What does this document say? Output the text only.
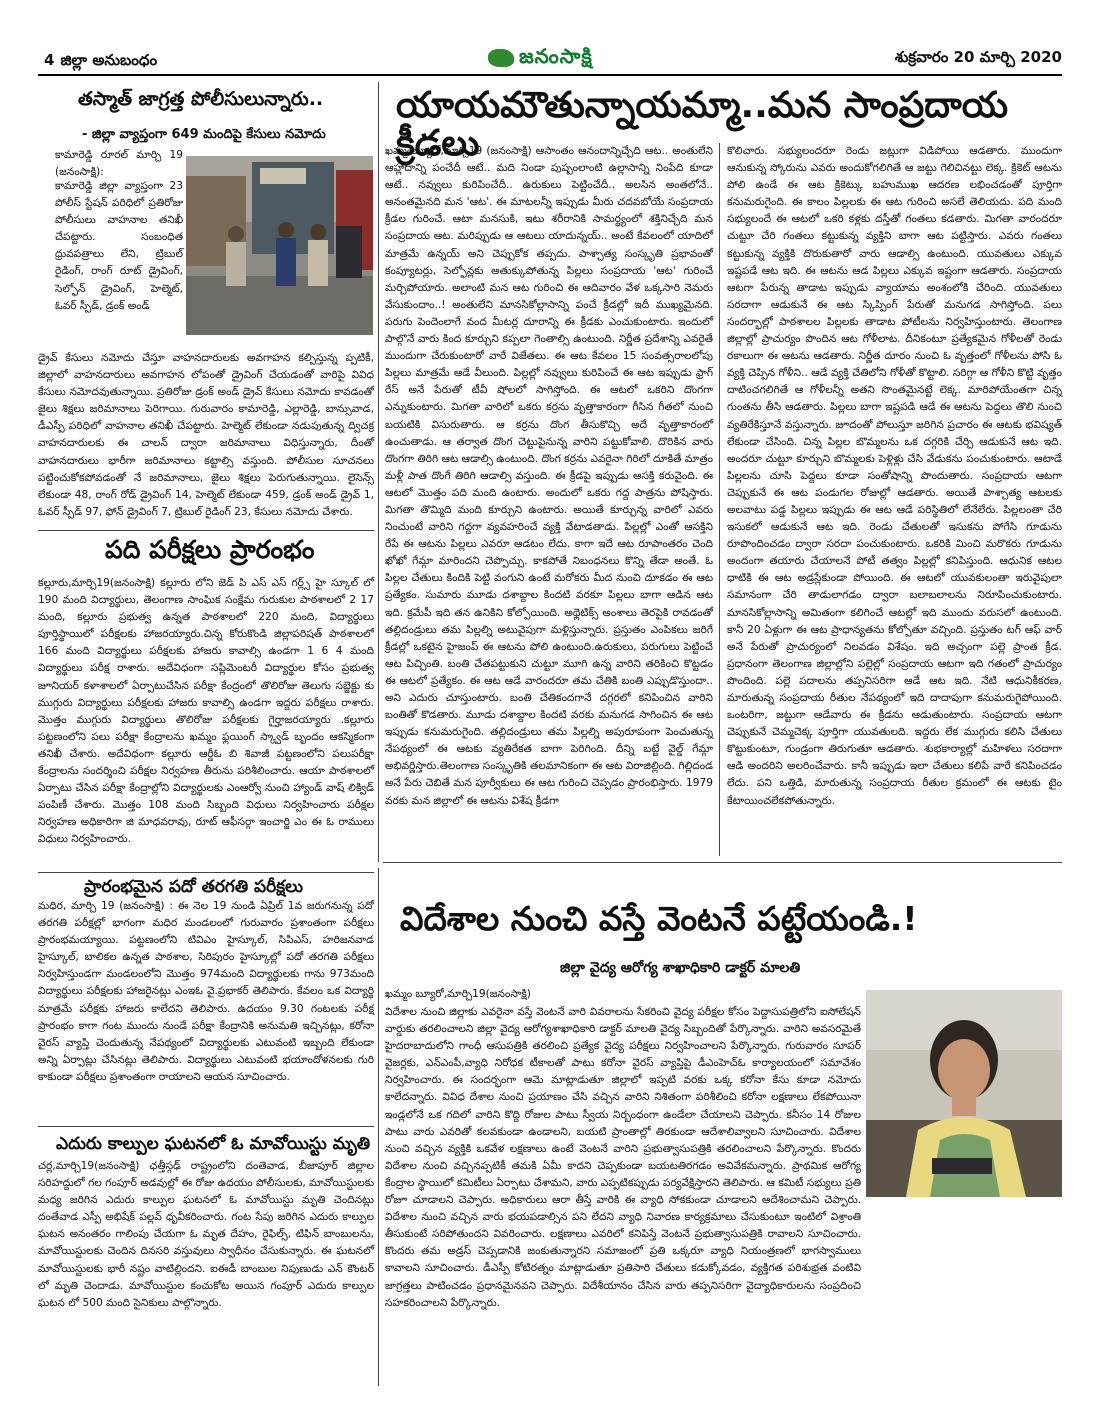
4 జిల్లా అనుబంధం	జనంసాక్షి	శుక్రవారం 20 మార్చి 2020
తస్మాత్ జాగ్రత్త పోలీసులున్నారు..
- జిల్లా వ్యాప్తంగా 649 మందిపై కేసులు నమోదు
కామారెడ్డి రూరల్ మార్చి 19 (జనంసాక్షి):
కామారెడ్డి జిల్లా వ్యాప్తంగా 23 పోలీస్ స్టేషన్ పరిధిలో ప్రతిరోజు పోలీసులు వాహనాల తనిఖీ చేపట్టారు. సంబంధిత ధ్రువపత్రాలు లేని, ట్రిబుల్ రైడింగ్, రాంగ్ రూట్ డ్రైవింగ్, సెల్ఫోన్ డ్రైవింగ్, హెల్మెట్, ఓవర్ స్పీడ్, డ్రంక్ అండ్
డ్రైవ్ కేసులు నమోదు చేస్తూ వాహనదారులకు అవగాహన కల్పిస్తున్న ప్పటికీ, జిల్లాలో వాహనదారులు అవగాహన లోపంతో డ్రైవింగ్ చేయడంతో వారిపై వివిధ కేసులు నమోదవుతున్నాయి. ప్రతిరోజు డ్రంక్ అండ్ డ్రైవ్ కేసులు నమోదు కావడంతో జైలు శిక్షలు జరిమానాలు పెరిగాయి. గురువారం కామారెడ్డి, ఎల్లారెడ్డి, బాన్సువాడ, డీఎస్పీ పరిధిలో వాహనాల తనిఖీ చేపట్టారు. హెల్మెట్ లేకుండా నడుపుతున్న ద్విచక్ర వాహనదారులకు ఈ చాలన్ ద్వారా జరిమానాలు విధిస్తున్నారు, దీంతో వాహనదారులు భారీగా జరిమానాలు కట్టాల్సి వస్తుంది. పోలీసుల సూచనలు పట్టించుకోకపోవడంతో నే జరిమానాలు, జైలు శిక్షలు పెరుగుతున్నాయి. లైసెన్స్ లేకుండా 48, రాంగ్ రోడ్ డ్రైవింగ్ 14, హెల్మెట్ లేకుండా 459, డ్రంక్ అండ్ డ్రైవ్ 1, ఓవర్ స్పీడ్ 97, ఫోన్ డ్రైవింగ్ 7, ట్రిబుల్ రైడింగ్ 23, కేసులు నమోదు చేశారు.
పది పరీక్షలు ప్రారంభం
కల్లూరు,మార్చి19(జనంసాక్షి) కల్లూరు లోని జెడ్ పి ఎస్ ఎస్ గర్ల్స్ హై స్కూల్ లో 190 మంది విద్యార్థులు, తెలంగాణ సాంఘిక సంక్షేమ గురుకుల పాఠశాలలో 2 17 మంది, కల్లూరు ప్రభుత్వ ఉన్నత పాఠశాలలో 220 మంది, విద్యార్థులు పూర్తిస్థాయిలో పరీక్షలకు హాజరయ్యారు.చిన్న కోరుకొండి జిల్లాపరిషత్ పాఠశాలలో 166 మంది విద్యార్థులు పరీక్షలకు హాజరు కావాల్సి ఉండగా 1 6 4 మంది విద్యార్థులు పరీక్ష రాశారు. అదేవిధంగా సప్లిమెంటరీ విద్యార్థుల కోసం ప్రభుత్వ జూనియర్ కళాశాలలో ఏర్పాటుచేసిన పరీక్షా కేంద్రంలో తొలిరోజు తెలుగు సబ్జెక్టు కు ముగ్గురు విద్యార్థులు పరీక్షలకు హాజరు కావాల్సి ఉండగా ఇద్దరు పరీక్షలు రాశారు. మొత్తం ముగ్గురు విద్యార్థులు తొలిరోజు పరీక్షలకు గైర్హాజరయ్యారు .కల్లూరు పట్టణంలోని పలు పరీక్షా కేంద్రాలను ఖమ్మం ఫ్లయింగ్ స్క్వాడ్ బృందం ఆకస్మికంగా తనిఖీ చేశారు. అదేవిధంగా కల్లూరు ఆర్డీఓ బి శివాజీ పట్టణంలోని పలుపరీక్షా కేంద్రాలను సందర్శించి పరీక్షల నిర్వహణ తీరును పరిశీలించారు. ఆయా పాఠశాలలో ఏర్పాటు చేసిన పరీక్షా కేంద్రాల్లోని విద్యార్థులకు ఎంఆర్వో నుంచి హ్యాండ్ వాష్ లిక్విడ్ పంపిణీ చేశారు. మొత్తం 108 మంది సిబ్బంది విధులు నిర్వహించారు పరీక్షల నిర్వహణ అధికారిగా జి మాధవరావు, రూట్ ఆఫీసర్గా ఇంచార్జి ఎం ఈ ఓ రాములు విధులు నిర్వహించారు.
ప్రారంభమైన పదో తరగతి పరీక్షలు
మధిర, మార్చి 19 (జనంసాక్షి) : ఈ నెల 19 నుండి ఏప్రిల్ 1వ జరుగనున్న పదో తరగతి పరీక్షల్లో భాగంగా మధిర మండలంలో గురువారం ప్రశాంతంగా పరీక్షలు ప్రారంభమయ్యాయి. పట్టణంలోని టివిఎం హైస్కూల్, సిపిఎస్, హరిజనవాడ హైస్కూల్, బాలికల ఉన్నత పాఠశాల, సిరిపురం హైస్కూల్లో పదో తరగతి పరీక్షలు నిర్వహిస్తుండగా మండలంలోని మొత్తం 974మంది విద్యార్థులకు గాను 973మంది విద్యార్థులు పరీక్షలకు హాజరైనట్లు ఎంఇఓ వై.ప్రభాకర్ తెలిపారు. కేవలం ఒక విద్యార్థి మాత్రమే పరీక్షకు హాజరు కాలేదని తెలిపారు. ఉదయం 9.30 గంటలకు పరీక్ష ప్రారంభం కాగా గంట ముందు నుండే పరీక్షా కేంద్రానికి అనుమతి ఇచ్చినట్లు, కరోనా వైరస్ వ్యాప్తి చెందుతున్న నేపథ్యంలో విద్యార్థులకు ఎటువంటి ఇబ్బంది లేకుండా అన్ని ఏర్పాట్లు చేసినట్లు తెలిపారు. విద్యార్థులు ఎటువంటి భయాందోళనలకు గురి కాకుండా పరీక్షలు ప్రశాంతంగా రాయాలని ఆయన సూచించారు.
ఎదురు కాల్పుల ఘటనలో ఓ మావోయిస్టు మృతి
చర్ల,మార్చి19(జనంసాక్షి) ఛత్తీస్గఢ్ రాష్ట్రంలోని దంతెవాడ, బీజాపూర్ జిల్లాల సరిహద్దులో గల గంపూర్ అడవుల్లో ఈ రోజు ఉదయం పోలీసులకు, మావోయిస్టులకు మధ్య జరిగిన ఎదురు కాల్పుల ఘటనలో ఓ మావోయిస్టు మృతి చెందినట్లు దంతేవాడ ఎస్పీ అభిషేక్ పల్లవ్ ధృవీకరించారు. గంట సేపు జరిగిన ఎదురు కాల్పుల ఘటన అనంతరం గాలింపు చేయగా ఓ మృత దేహం, రైఫిల్స్, టిఫిన్ బాంబులను, మావోయిస్టులకు చెందిన దినసరి వస్తువులు స్వాధీనం చేసుకున్నారు. ఈ ఘటనలో మావోయిస్టులకు భారీ నష్టం వాటిల్లిందని. ఐఈడీ బాంబుల నిపుణుడు ఎన్ కౌంటర్ లో మృతి చెందాడు. మావోయిస్టుల కంచుకోట అయిన గంపూర్ ఎదురు కాల్పుల ఘటన లో 500 మంది సైనికులు పాల్గొన్నారు.
యాయమౌతున్నాయమ్మా..మన సాంప్రదాయ క్రీడలు
ఖమ్మంబ్యూరో,మార్చి19 (జనంసాక్షి) ఆసాంతం ఆనందాన్నిచ్చేది ఆట.. అంతులేని ఆహ్లాదాన్ని పంచేదీ ఆటే.. మది నిండా పుష్పంలాంటి ఉల్లాసాన్ని నింపేది కూడా ఆటే.. నవ్వులు కురిపించేదీ.. ఉరుకులు పెట్టించేదీ.. అలసిన అంతలోనే.. అనంతమైనది మన 'ఆట'. ఈ మాటలన్నీ ఇప్పుడు మీరు చదవబోయే సంప్రదాయ క్రీడల గురించే. ఆటా మనసుకి, ఇటు శరీరానికి సామర్థ్యంలో శక్తినిచ్చేది మన సంప్రదాయ ఆట. మరిప్పుడు ఆ ఆటలు యాదున్నయ్.. అంటే కేవలంలో యాదిలో మాత్రమే ఉన్నయ్ అని చెప్పుకోక తప్పదు. పాశ్చాత్య సంస్కృతి ప్రభావంతో కంప్యూటర్లు, సెల్ఫోన్లకు అతుక్కుపోతున్న పిల్లలు సంప్రదాయ 'ఆట' గురించే మర్చిపోయారు. అలాంటి మన ఆట గురించి ఈ ఆదివారం వేళ ఒక్కసారి నెమరు వేసుకుందాం..! అంతులేని మానసికోల్లాసాన్ని పంచే క్రీడల్లో ఇదీ ముఖ్యమైనది. పరుగు పెందెంలాగే వంద మీటర్ల దూరాన్ని ఈ క్రీడకు ఎంచుకుంటారు. ఇందులో పాల్గొనే వారు కింద కూర్చుని కప్పలా గెంతాల్సి ఉంటుంది. నిర్ణీత ప్రదేశాన్ని ఎవరైతే ముందుగా చేరుకుంటారో వారే విజేతలు. ఈ ఆట కేవలం 15 సంవత్సరాలలోపు పిల్లలు మాత్రమే ఆడే వీలుంది. పిల్లల్లో నవ్వులు కురిపించే ఈ ఆట ఇప్పుడు ఫ్రాగ్ రేస్ అనే పేరుతో టీవీ షోలలో సాగిస్తోంది. ఈ ఆటలో ఒకరిని దొంగగా ఎన్నుకుంటారు. మిగతా వారిలో ఒకరు కర్రను వృత్తాకారంగా గీసిన గీతలో నుంచి బయటికి విసురుతారు. ఆ కర్రను దొంగ తీసుకొచ్చి అదే వృత్తాకారంలో ఉంచుతాడు. ఆ తర్వాత దొంగ చెట్టుపైనున్న వారిని పట్టుకోవాలి. దొరికిన వారు దొంగగా తిరిగి ఆట ఆడాల్సి ఉంటుంది. దొంగ కర్రను ఎవరైనా గిరిలో దూకితే మాత్రం మళ్లీ పాత దొంగే తిరిగి ఆడాల్సి వస్తుంది. ఈ క్రీడపై ఇప్పుడు ఆసక్తి కరువైంది. ఈ ఆటలో మొత్తం పది మంది ఉంటారు. అందులో ఒకరు గద్ద పాత్రను పోషిస్తారు. మిగతా తొమ్మిది మంది కూర్చుని ఉంటారు. అయితే కూర్చున్న వారిలో ఎవరు నించుంటే వారిని గద్దగా వ్యవహరించే వ్యక్తి వేటాడతాడు. పిల్లల్లో ఎంతో ఆసక్తిని రేపే ఈ ఆటను పిల్లలు ఎవరూ ఆడటం లేదు. కాగా ఇదే ఆట రూపాంతరం చెంది ఖోఖో గేమ్గా మారిందని చెప్పొచ్చు. కాకపోతే నిబంధనలు కొన్ని తేడా అంతే. ఓ పిల్లల చేతులు కిందికి పెట్టి వంగుని ఉంటే మరోకరు మీద నుంచి దూకడం ఈ ఆట ప్రత్యేకం. సుమారు మూడు దశాబ్దాల కిందటి వరకూ పిల్లలు బాగా ఆడిన ఆట ఇది. క్రమేపీ ఇది తన ఉనికిని కోల్పోయింది. అథ్లెటిక్స్ అంశాలు తెరపైకి రావడంతో తల్లిదండ్రులు తమ పిల్లల్ని అటువైపుగా మళ్లిస్తున్నారు. ప్రస్తుతం ఎంపికలు జరిగే క్రీడల్లో ఒకటైన హైజంప్ ఈ ఆటను పోలి ఉంటుంది.ఉరుకులు, పరుగులు పెట్టించే ఆట పిచ్చింతి. బంతి చేతపట్టుకుని చుట్టూ మూగి ఉన్న వారిని తరికించి కొట్టడం ఈ ఆటలో ప్రత్యేకం. ఈ ఆట ఆడే వారందరూ తమ చేతికి బంతి ఎప్పుడొస్తుందా.. అని ఎదురు చూస్తుంటారు. బంతి చేతికందగానే దగ్గరలో కనిపించిన వారిని బంతితో కొడతారు. మూడు దశాబ్దాల కిందటి వరకు మనుగడ సాగించిన ఈ ఆట ఇప్పుడు కనుమరుగైంది. తల్లిదండ్రులు తమ పిల్లల్ని అపురూపంగా పెంచుతున్న నేపథ్యంలో ఈ ఆటకు వ్యతిరేకత బాగా పెరిగింది. దీన్ని బట్టే వైల్డ్ గేమ్గా అభివర్ణిస్తారు.తెలంగాణ సంస్కృతికి తలమానికంగా ఈ ఆట విరాజిల్లింది. గిల్లిదండ అనే పేరు చెబితే మన పూర్వీకులు ఈ ఆట గురించి చెప్పడం ప్రారంభిస్తారు. 1979 వరకు మన జిల్లాలో ఈ ఆటను విశేష క్రీడగా
కొలిచారు. సభ్యులందరూ రెండు జట్లుగా విడిపోయి ఆడతారు. ముందుగా ఆనుకున్న స్కోరును ఎవరు అందుకోగలిగితే ఆ జట్టు గెలిచినట్టు లెక్క. క్రికెట్ ఆటను పోలి ఉండే ఈ ఆట క్రికెట్కు బహుముఖ ఆదరణ లభించడంతో పూర్తిగా కనుమరుగైంది. ఈ కాలం పిల్లలకు ఈ ఆట గురించి అసలే తెలియదు. పది మంది సభ్యులందే ఈ ఆటలో ఒకరి కళ్లకు దస్తీతో గంతలు కడతారు. మిగతా వారందరూ చుట్టూ చేరి గంతలు కట్టుకున్న వ్యక్తిని బాగా ఆట పట్టిస్తారు. ఎవరు గంతలు కట్టుకున్న వ్యక్తికి దొరుకుతారో వారు ఆడాల్సి ఉంటుంది. యువతులు ఎక్కువ ఇష్టపడే ఆట ఇది. ఈ ఆటను ఆడ పిల్లలు ఎక్కువ ఇష్టంగా ఆడతారు. సంప్రదాయ ఆటగా పేరున్న తాడాట ఇప్పుడు వ్యాయామ అంశంలోకి చేరింది. యువతులు సరదాగా ఆడుకునే ఈ ఆట స్కిప్పింగ్ పేరుతో మనుగడ సాగిస్తోంది. పలు సందర్భాల్లో పాఠశాలల పిల్లలకు తాడాట పోటీలను నిర్వహిస్తుంటారు. తెలంగాణ జిల్లాల్లో ప్రాచుర్యం పొందిన ఆట గోళీలాట. దీనికంటూ ప్రత్యేకమైన గోళీలతో రెండు రకాలుగా ఈ ఆటను ఆడతారు. నిర్ణీత దూరం నుంచి ఓ వృత్తంలో గోళీలను పోసి ఓ వ్యక్తి చెప్పిన గోళీని.. ఆడే వ్యక్తి చేతిలోని గోళీతో కొట్టాలి. సరిగ్గా ఆ గోళీని కొట్టి వృత్తం దాటించగలిగితే ఆ గోళీలన్నీ అతని సొంతమైనట్టే లెక్క. మారిపోయేంతగా చిన్న గుంతను తీసి ఆడతారు. పిల్లలు బాగా ఇష్టపడి ఆడే ఈ ఆటను పెద్దలు తొలి నుంచి వ్యతిరేకిస్తూనే వస్తున్నారు. జూదంతో పోలుస్తూ జరిగిన ప్రచారం ఈ ఆటకు భవిష్యత్ లేకుండా చేసింది. చిన్న పిల్లల బొమ్మలను ఒక దగ్గరికి చేర్చి ఆడుకునే ఆట ఇది. అందరూ చుట్టూ కూర్చుని బొమ్మలకు పెళ్లిళ్లు చేసి వేడుకను పంచుకుంటారు. ఆటాడే పిల్లలను చూసి పెద్దలు కూడా సంతోషాన్ని పొందుతారు. సంప్రదాయ ఆటగా చెప్పుకునే ఈ ఆట పండుగల రోజుల్లో ఆడతారు. అయితే పాశ్చాత్య ఆటలకు అలవాటు పడ్డ పిల్లలు ఇప్పుడు ఈ ఆట ఆడే పరిస్థితిలో లేనేలేరు. పిల్లలంతా చేరి ఇసుకలో ఆడుకునే ఆట ఇది. రెండు చేతులతో ఇసుకను పోగేసి గూడును రూపొందించడం ద్వారా సరదా పంచుకుంటారు. ఒకరికి మించి మరొకరు గూడును అందంగా తయారు చేయాలనే పోటీ తత్వం పిల్లల్లో కనిపిస్తుంది. ఆధునిక ఆటల ధాటికి ఈ ఆట అడ్రస్లేకుండా పోయింది. ఈ ఆటలో యువకులంతా ఇరువైపులా సమానంగా చేరి తాడులాగడం ద్వారా బలాబలాలను నిరూపించుకుంటారు. మానసికోల్లాసాన్ని అమితంగా కలిగించే ఆటల్లో ఇది ముందు వరుసలో ఉంటుంది. కానీ 20 ఏళ్లుగా ఈ ఆట ప్రాధాన్యతను కోల్పోతూ వచ్చింది. ప్రస్తుతం టగ్ ఆఫ్ వార్ అనే పేరుతో ప్రాచుర్యంలో నిలవడం విశేషం. ఇది అచ్చంగా పల్లె ప్రాంత క్రీడ. ప్రధానంగా తెలంగాణ జిల్లాల్లోని పల్లెల్లో సంప్రదాయ ఆటగా ఇది గతంలో ప్రాచుర్యం పొందింది. పల్లె పదాలను తప్పనిసరిగా ఆడే ఆట ఇది. నేటి ఆధునికీకరణ, మారుతున్న సంప్రదాయ రీతుల నేపథ్యంలో ఇది దాదాపుగా కనుమరుగైపోయింది. ఒంటరిగా, జట్టుగా ఆడేవారు ఈ క్రీడను ఆడుతుంటారు. సంప్రదాయ ఆటగా చెప్పుకునే చెమ్మచెక్క పూర్తిగా యువతులది. ఇద్దరు లేక ముగ్గురు కలిసి చేతులు కొట్టుకుంటూ, గుండ్రంగా తిరుగుతూ ఆడతారు. శుభకార్యాల్లో మహిళలు సరదాగా ఆడి అందరిని అలరించేవారు. కానీ ఇప్పుడు ఇలా చేతులు కలిపే వారే కనిపించడం లేదు. పని ఒత్తిడి, మారుతున్న సంప్రదాయ రీతుల క్రమంలో ఈ ఆటకు టైం కేటాయించలేకపోతున్నారు.
విదేశాల నుంచి వస్తే వెంటనే పట్టేయండి.!
జిల్లా వైద్య ఆరోగ్య శాఖాధికారి డాక్టర్ మాలతి
ఖమ్మం బ్యూరో,మార్చి19(జనంసాక్షి)
విదేశాల నుంచి జిల్లాకు ఎవరైనా వస్తే వెంటనే వారి వివరాలను సేకరించి వైద్య పరీక్షల కోసం పెద్దాసుపత్రిలోని ఐసోలేషన్ వార్డుకు తరలించాలని జిల్లా వైద్య ఆరోగ్యశాఖాధికారి డాక్టర్ మాలతి వైద్య సిబ్బందితో పేర్కొన్నారు. వారిని అవసరమైతే హైదరాబాదులోని గాంధీ ఆసుపత్రికి తరలించి ప్రత్యేక వైద్య పరీక్షలు నిర్వహించాలని పేర్కొన్నారు. గురువారం సూపర్ వైజర్లకు, ఎన్ఎంపీ,వ్యాధి నిరోధక టీకాలతో పాటు కరోనా వైరస్ వ్యాప్తిపై డీఎంహెచ్ఓ కార్యాలయంలో సమావేశం నిర్వహించారు. ఈ సందర్భంగా ఆమె మాట్లాడుతూ జిల్లాలో ఇప్పటి వరకు ఒక్క కరోనా కేసు కూడా నమోదు కాలేదన్నారు. వివిధ దేశాల నుంచి ప్రయాణం చేసి వచ్చిన వారిని నిశితంగా పరిశీలించి కరోనా లక్షణాలు లేకపోయినా ఇండ్లలోనే ఒక గదిలో వారిని కొద్ది రోజుల పాటు స్వీయ నిర్బంధంగా ఉండేలా చేయాలని చెప్పారు. కనీసం 14 రోజుల పాటు వారు ఎవరితో కలవకుండా ఉండాలని, బయటి ప్రాంతాల్లో తిరకుండా ఆదేశాలివ్వాలని సూచించారు. విదేశాల నుంచి వచ్చిన వ్యక్తికి ఒకవేళ లక్షణాలు ఉంటే వెంటనే వారిని ప్రభుత్వాసుపత్రికి తరలించాలని పేర్కొన్నారు. కొందరు విదేశాల నుంచి వచ్చినప్పటికీ తమకి ఏమీ కాదని చెప్పకుండా బయటతిరగడం అవివేకమన్నారు. ప్రాథమిక ఆరోగ్య కేంద్రాల స్థాయిలో కమిటీలు ఏర్పాటు చేశామని, వారు ఎప్పటికప్పుడు పర్యవేక్షిస్తారని తెలిపారు. ఆ కమిటీ సభ్యులు ప్రతి రోజూ చూడాలని చెప్పారు. అధికారులు ఆరా తీస్తే వారికి ఈ వ్యాధి సోకకుండా చూడాలని ఆదేశించామని చెప్పారు. విదేశాల నుంచి వచ్చిన వారు భయపడాల్సిన పని లేదని వ్యాధి నివారణ కార్యక్రమాలు చేసుకుంటూ ఇంటిలో విశ్రాంతి తీసుకుంటే సరిపోతుందని వివరించారు. లక్షణాలు ఎవరిలో కనిపిస్తే వెంటనే ప్రభుత్వాసుపత్రికి రావాలని సూచించారు. కొందరు తమ అడ్రస్ చెప్పడానికి జంకుతున్నారని సమాజంలో ప్రతి ఒక్కరూ వ్యాధి నియంత్రణలో భాగస్వాములు కావాలని సూచించారు. డీఎస్పీ కోటిరత్నం మాట్లాడుతూ ప్రతిసారి చేతులు కడుక్కోవడం, వ్యక్తిగత పరిశుభ్రత వంటివి జాగ్రత్తలు పాటించడం ప్రధానమైనవని చెప్పారు. విదేశీయానం చేసిన వారు తప్పనిసరిగా వైద్యాధికారులను సంప్రదించి సహకరించాలని పేర్కొన్నారు.
